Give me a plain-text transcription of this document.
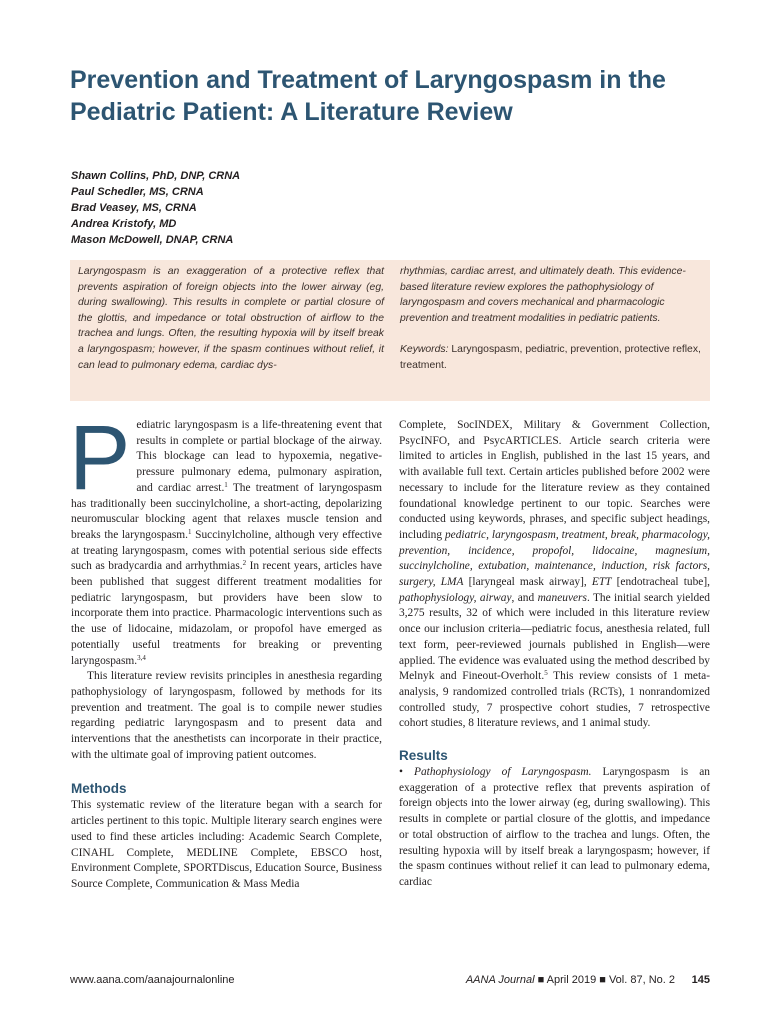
Prevention and Treatment of Laryngospasm in the Pediatric Patient: A Literature Review
Shawn Collins, PhD, DNP, CRNA
Paul Schedler, MS, CRNA
Brad Veasey, MS, CRNA
Andrea Kristofy, MD
Mason McDowell, DNAP, CRNA

Laryngospasm is an exaggeration of a protective reflex that prevents aspiration of foreign objects into the lower airway (eg, during swallowing). This results in complete or partial closure of the glottis, and impedance or total obstruction of airflow to the trachea and lungs. Often, the resulting hypoxia will by itself break a laryngospasm; however, if the spasm continues without relief, it can lead to pulmonary edema, cardiac dys-

rhythmias, cardiac arrest, and ultimately death. This evidence-based literature review explores the pathophysiology of laryngospasm and covers mechanical and pharmacologic prevention and treatment modalities in pediatric patients.

Keywords: Laryngospasm, pediatric, prevention, protective reflex, treatment.

Pediatric laryngospasm is a life-threatening event that results in complete or partial blockage of the airway. This blockage can lead to hypoxemia, negative-pressure pulmonary edema, pulmonary aspiration, and cardiac arrest.$^1$ The treatment of laryngospasm has traditionally been succinylcholine, a short-acting, depolarizing neuromuscular blocking agent that relaxes muscle tension and breaks the laryngospasm.$^1$ Succinylcholine, although very effective at treating laryngospasm, comes with potential serious side effects such as bradycardia and arrhythmias.$^2$ In recent years, articles have been published that suggest different treatment modalities for pediatric laryngospasm, but providers have been slow to incorporate them into practice. Pharmacologic interventions such as the use of lidocaine, midazolam, or propofol have emerged as potentially useful treatments for breaking or preventing laryngospasm.$^{3,4}$

This literature review revisits principles in anesthesia regarding pathophysiology of laryngospasm, followed by methods for its prevention and treatment. The goal is to compile newer studies regarding pediatric laryngospasm and to present data and interventions that the anesthetists can incorporate in their practice, with the ultimate goal of improving patient outcomes.

Methods

This systematic review of the literature began with a search for articles pertinent to this topic. Multiple literary search engines were used to find these articles including: Academic Search Complete, CINAHL Complete, MEDLINE Complete, EBSCO host, Environment Complete, SPORTDiscus, Education Source, Business Source Complete, Communication & Mass Media

Complete, SocINDEX, Military & Government Collection, PsycINFO, and PsycARTICLES. Article search criteria were limited to articles in English, published in the last 15 years, and with available full text. Certain articles published before 2002 were necessary to include for the literature review as they contained foundational knowledge pertinent to our topic. Searches were conducted using keywords, phrases, and specific subject headings, including pediatric, laryngospasm, treatment, break, pharmacology, prevention, incidence, propofol, lidocaine, magnesium, succinylcholine, extubation, maintenance, induction, risk factors, surgery, LMA [laryngeal mask airway], ETT [endotracheal tube], pathophysiology, airway, and maneuvers. The initial search yielded 3,275 results, 32 of which were included in this literature review once our inclusion criteria—pediatric focus, anesthesia related, full text form, peer-reviewed journals published in English—were applied. The evidence was evaluated using the method described by Melnyk and Fineout-Overholt.$^5$ This review consists of 1 meta-analysis, 9 randomized controlled trials (RCTs), 1 nonrandomized controlled study, 7 prospective cohort studies, 7 retrospective cohort studies, 8 literature reviews, and 1 animal study.

Results

• Pathophysiology of Laryngospasm. Laryngospasm is an exaggeration of a protective reflex that prevents aspiration of foreign objects into the lower airway (eg, during swallowing). This results in complete or partial closure of the glottis, and impedance or total obstruction of airflow to the trachea and lungs. Often, the resulting hypoxia will by itself break a laryngospasm; however, if the spasm continues without relief it can lead to pulmonary edema, cardiac

www.aana.com/aanajournalonline	AANA Journal ■ April 2019 ■ Vol. 87, No. 2 145
